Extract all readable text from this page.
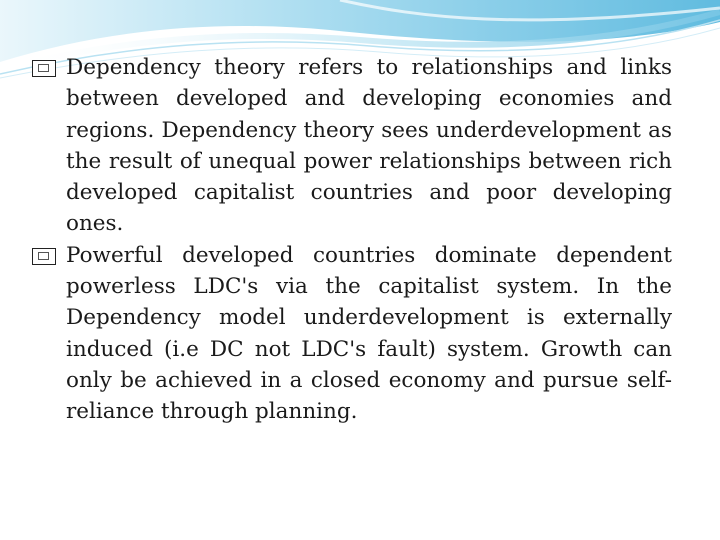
Dependency theory refers to relationships and links between developed and developing economies and regions. Dependency theory sees underdevelopment as the result of unequal power relationships between rich developed capitalist countries and poor developing ones.

Powerful developed countries dominate dependent powerless LDC's via the capitalist system. In the Dependency model underdevelopment is externally induced (i.e DC not LDC's fault) system. Growth can only be achieved in a closed economy and pursue self-reliance through planning.
